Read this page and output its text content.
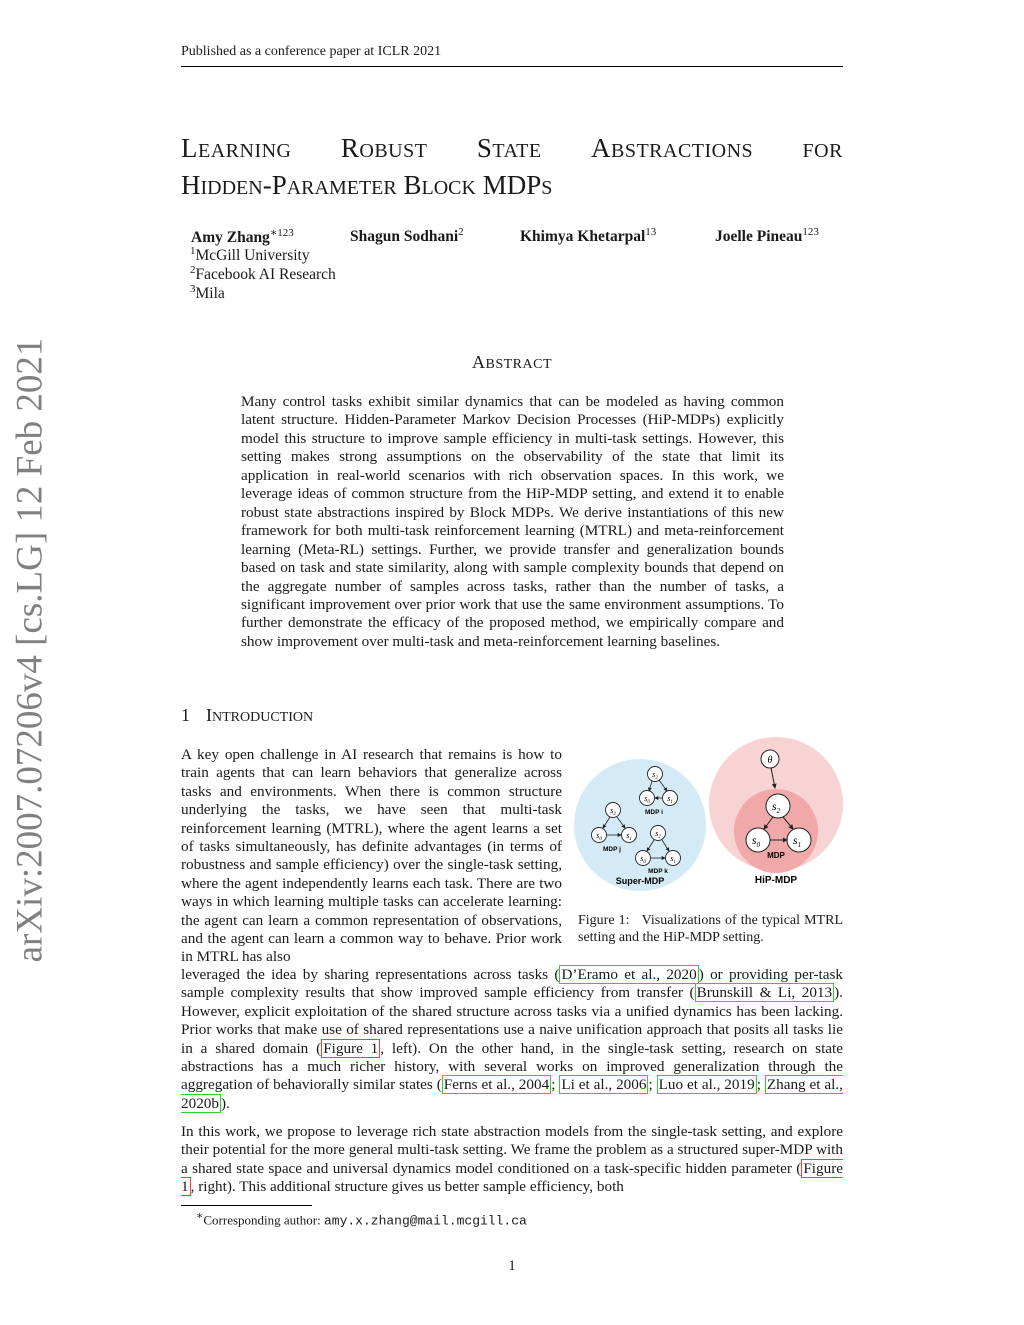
Published as a conference paper at ICLR 2021
arXiv:2007.07206v4 [cs.LG] 12 Feb 2021
LEARNING ROBUST STATE ABSTRACTIONS FOR
HIDDEN-PARAMETER BLOCK MDPS
Amy Zhang$^{∗123}$	Shagun Sodhani$^2$	Khimya Khetarpal$^{13}$	Joelle Pineau$^{123}$
$^1$McGill University
$^2$Facebook AI Research
$^3$Mila
ABSTRACT
Many control tasks exhibit similar dynamics that can be modeled as having common latent structure. Hidden-Parameter Markov Decision Processes (HiP-MDPs) explicitly model this structure to improve sample efficiency in multi-task settings. However, this setting makes strong assumptions on the observability of the state that limit its application in real-world scenarios with rich observation spaces. In this work, we leverage ideas of common structure from the HiP-MDP setting, and extend it to enable robust state abstractions inspired by Block MDPs. We derive instantiations of this new framework for both multi-task reinforcement learning (MTRL) and meta-reinforcement learning (Meta-RL) settings. Further, we provide transfer and generalization bounds based on task and state similarity, along with sample complexity bounds that depend on the aggregate number of samples across tasks, rather than the number of tasks, a significant improvement over prior work that use the same environment assumptions. To further demonstrate the efficacy of the proposed method, we empirically compare and show improvement over multi-task and meta-reinforcement learning baselines.
1 INTRODUCTION
A key open challenge in AI research that remains is how to train agents that can learn behaviors that generalize across tasks and environments. When there is common structure underlying the tasks, we have seen that multi-task reinforcement learning (MTRL), where the agent learns a set of tasks simultaneously, has definite advantages (in terms of robustness and sample efficiency) over the single-task setting, where the agent independently learns each task. There are two ways in which learning multiple tasks can accelerate learning: the agent can learn a common representation of observations, and the agent can learn a common way to behave. Prior work in MTRL has also
leveraged the idea by sharing representations across tasks ( D’Eramo et al., 2020 ) or providing per-task sample complexity results that show improved sample efficiency from transfer ( Brunskill & Li, 2013 ). However, explicit exploitation of the shared structure across tasks via a unified dynamics has been lacking. Prior works that make use of shared representations use a naive unification approach that posits all tasks lie in a shared domain ( Figure 1 , left). On the other hand, in the single-task setting, research on state abstractions has a much richer history, with several works on improved generalization through the aggregation of behaviorally similar states ( Ferns et al., 2004 ; Li et al., 2006 ; Luo et al., 2019 ; Zhang et al., 2020b ).
In this work, we propose to leverage rich state abstraction models from the single-task setting, and explore their potential for the more general multi-task setting. We frame the problem as a structured super-MDP with a shared state space and universal dynamics model conditioned on a task-specific hidden parameter ( Figure 1 , right). This additional structure gives us better sample efficiency, both
$s_2$
$s_0$ $s_1$
MDP i
$s_2$
$s_0$	$s_1$
MDP j
$s_2$
$s_0$	$s_1$
MDP k
Super-MDP
θ
$s_2$
$s_0$	$s_1$
MDP
HiP-MDP
Figure 1: Visualizations of the typical MTRL setting and the HiP-MDP setting.
∗Corresponding author: amy.x.zhang@mail.mcgill.ca
1
